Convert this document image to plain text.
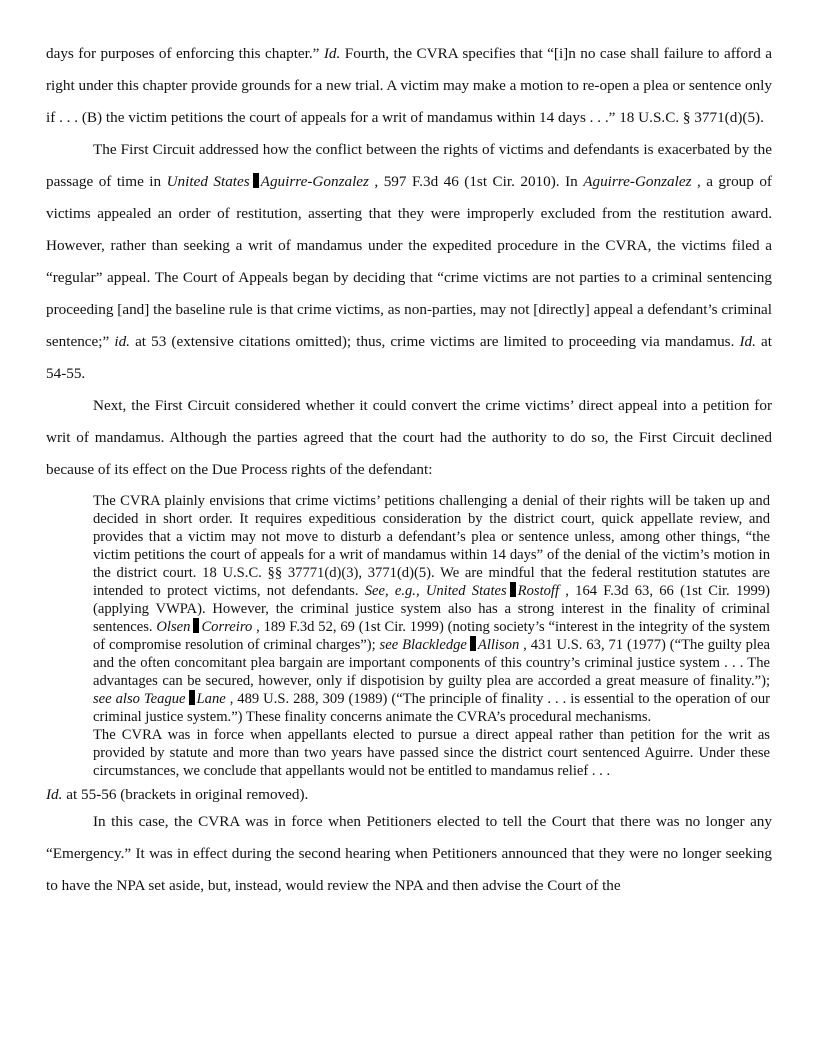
days for purposes of enforcing this chapter.” Id. Fourth, the CVRA specifies that “[i]n no case shall failure to afford a right under this chapter provide grounds for a new trial. A victim may make a motion to re-open a plea or sentence only if . . . (B) the victim petitions the court of appeals for a writ of mandamus within 14 days . . .” 18 U.S.C. § 3771(d)(5).

The First Circuit addressed how the conflict between the rights of victims and defendants is exacerbated by the passage of time in United States Aguirre-Gonzalez , 597 F.3d 46 (1st Cir. 2010). In Aguirre-Gonzalez , a group of victims appealed an order of restitution, asserting that they were improperly excluded from the restitution award. However, rather than seeking a writ of mandamus under the expedited procedure in the CVRA, the victims filed a “regular” appeal. The Court of Appeals began by deciding that “crime victims are not parties to a criminal sentencing proceeding [and] the baseline rule is that crime victims, as non-parties, may not [directly] appeal a defendant’s criminal sentence;” id. at 53 (extensive citations omitted); thus, crime victims are limited to proceeding via mandamus. Id. at 54-55.

Next, the First Circuit considered whether it could convert the crime victims’ direct appeal into a petition for writ of mandamus. Although the parties agreed that the court had the authority to do so, the First Circuit declined because of its effect on the Due Process rights of the defendant:

The CVRA plainly envisions that crime victims’ petitions challenging a denial of their rights will be taken up and decided in short order. It requires expeditious consideration by the district court, quick appellate review, and provides that a victim may not move to disturb a defendant’s plea or sentence unless, among other things, “the victim petitions the court of appeals for a writ of mandamus within 14 days” of the denial of the victim’s motion in the district court. 18 U.S.C. §§ 37771(d)(3), 3771(d)(5). We are mindful that the federal restitution statutes are intended to protect victims, not defendants. See, e.g., United States Rostoff , 164 F.3d 63, 66 (1st Cir. 1999) (applying VWPA). However, the criminal justice system also has a strong interest in the finality of criminal sentences. Olsen Correiro , 189 F.3d 52, 69 (1st Cir. 1999) (noting society’s “interest in the integrity of the system of compromise resolution of criminal charges”); see Blackledge Allison , 431 U.S. 63, 71 (1977) (“The guilty plea and the often concomitant plea bargain are important components of this country’s criminal justice system . . . The advantages can be secured, however, only if dispotision by guilty plea are accorded a great measure of finality.”); see also Teague Lane , 489 U.S. 288, 309 (1989) (“The principle of finality . . . is essential to the operation of our criminal justice system.”) These finality concerns animate the CVRA’s procedural mechanisms.

The CVRA was in force when appellants elected to pursue a direct appeal rather than petition for the writ as provided by statute and more than two years have passed since the district court sentenced Aguirre. Under these circumstances, we conclude that appellants would not be entitled to mandamus relief . . .

Id. at 55-56 (brackets in original removed).

In this case, the CVRA was in force when Petitioners elected to tell the Court that there was no longer any “Emergency.” It was in effect during the second hearing when Petitioners announced that they were no longer seeking to have the NPA set aside, but, instead, would review the NPA and then advise the Court of the
